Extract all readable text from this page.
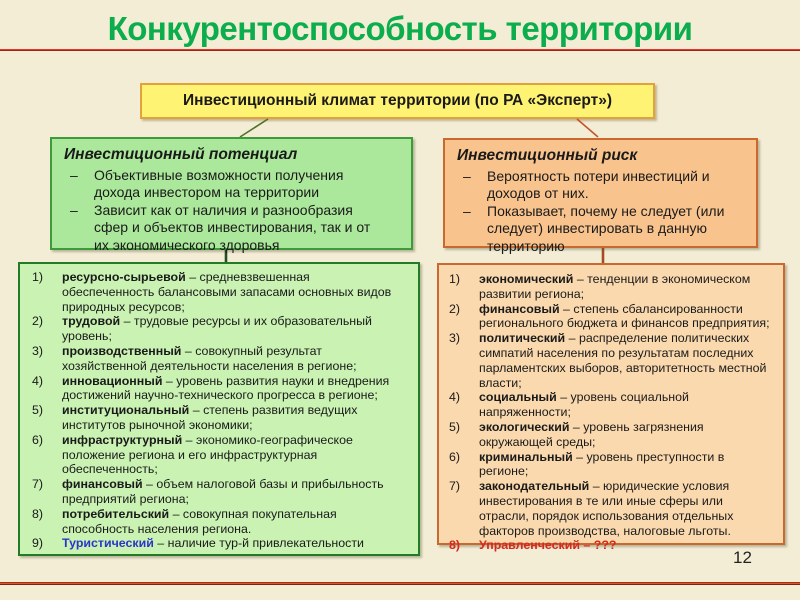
Конкурентоспособность территории
Инвестиционный климат территории (по РА «Эксперт»)
Инвестиционный потенциал
–	Объективные возможности получения дохода инвестором на территории
–	Зависит как от наличия и разнообразия сфер и объектов инвестирования, так и от их экономического здоровья
Инвестиционный риск
–	Вероятность потери инвестиций и доходов от них.
–	Показывает, почему не следует (или следует) инвестировать в данную территорию
1)	ресурсно-сырьевой – средневзвешенная обеспеченность балансовыми запасами основных видов природных ресурсов;
2)	трудовой – трудовые ресурсы и их образовательный уровень;
3)	производственный – совокупный результат хозяйственной деятельности населения в регионе;
4)	инновационный – уровень развития науки и внедрения достижений научно-технического прогресса в регионе;
5)	институциональный – степень развития ведущих институтов рыночной экономики;
6)	инфраструктурный – экономико-географическое положение региона и его инфраструктурная обеспеченность;
7)	финансовый – объем налоговой базы и прибыльность предприятий региона;
8)	потребительский – совокупная покупательная способность населения региона.
9)	Туристический – наличие тур-й привлекательности
1)	экономический – тенденции в экономическом развитии региона;
2)	финансовый – степень сбалансированности регионального бюджета и финансов предприятия;
3)	политический – распределение политических симпатий населения по результатам последних парламентских выборов, авторитетность местной власти;
4)	социальный – уровень социальной напряженности;
5)	экологический – уровень загрязнения окружающей среды;
6)	криминальный – уровень преступности в регионе;
7)	законодательный – юридические условия инвестирования в те или иные сферы или отрасли, порядок использования отдельных факторов производства, налоговые льготы.
8)	Управленческий – ???
12
